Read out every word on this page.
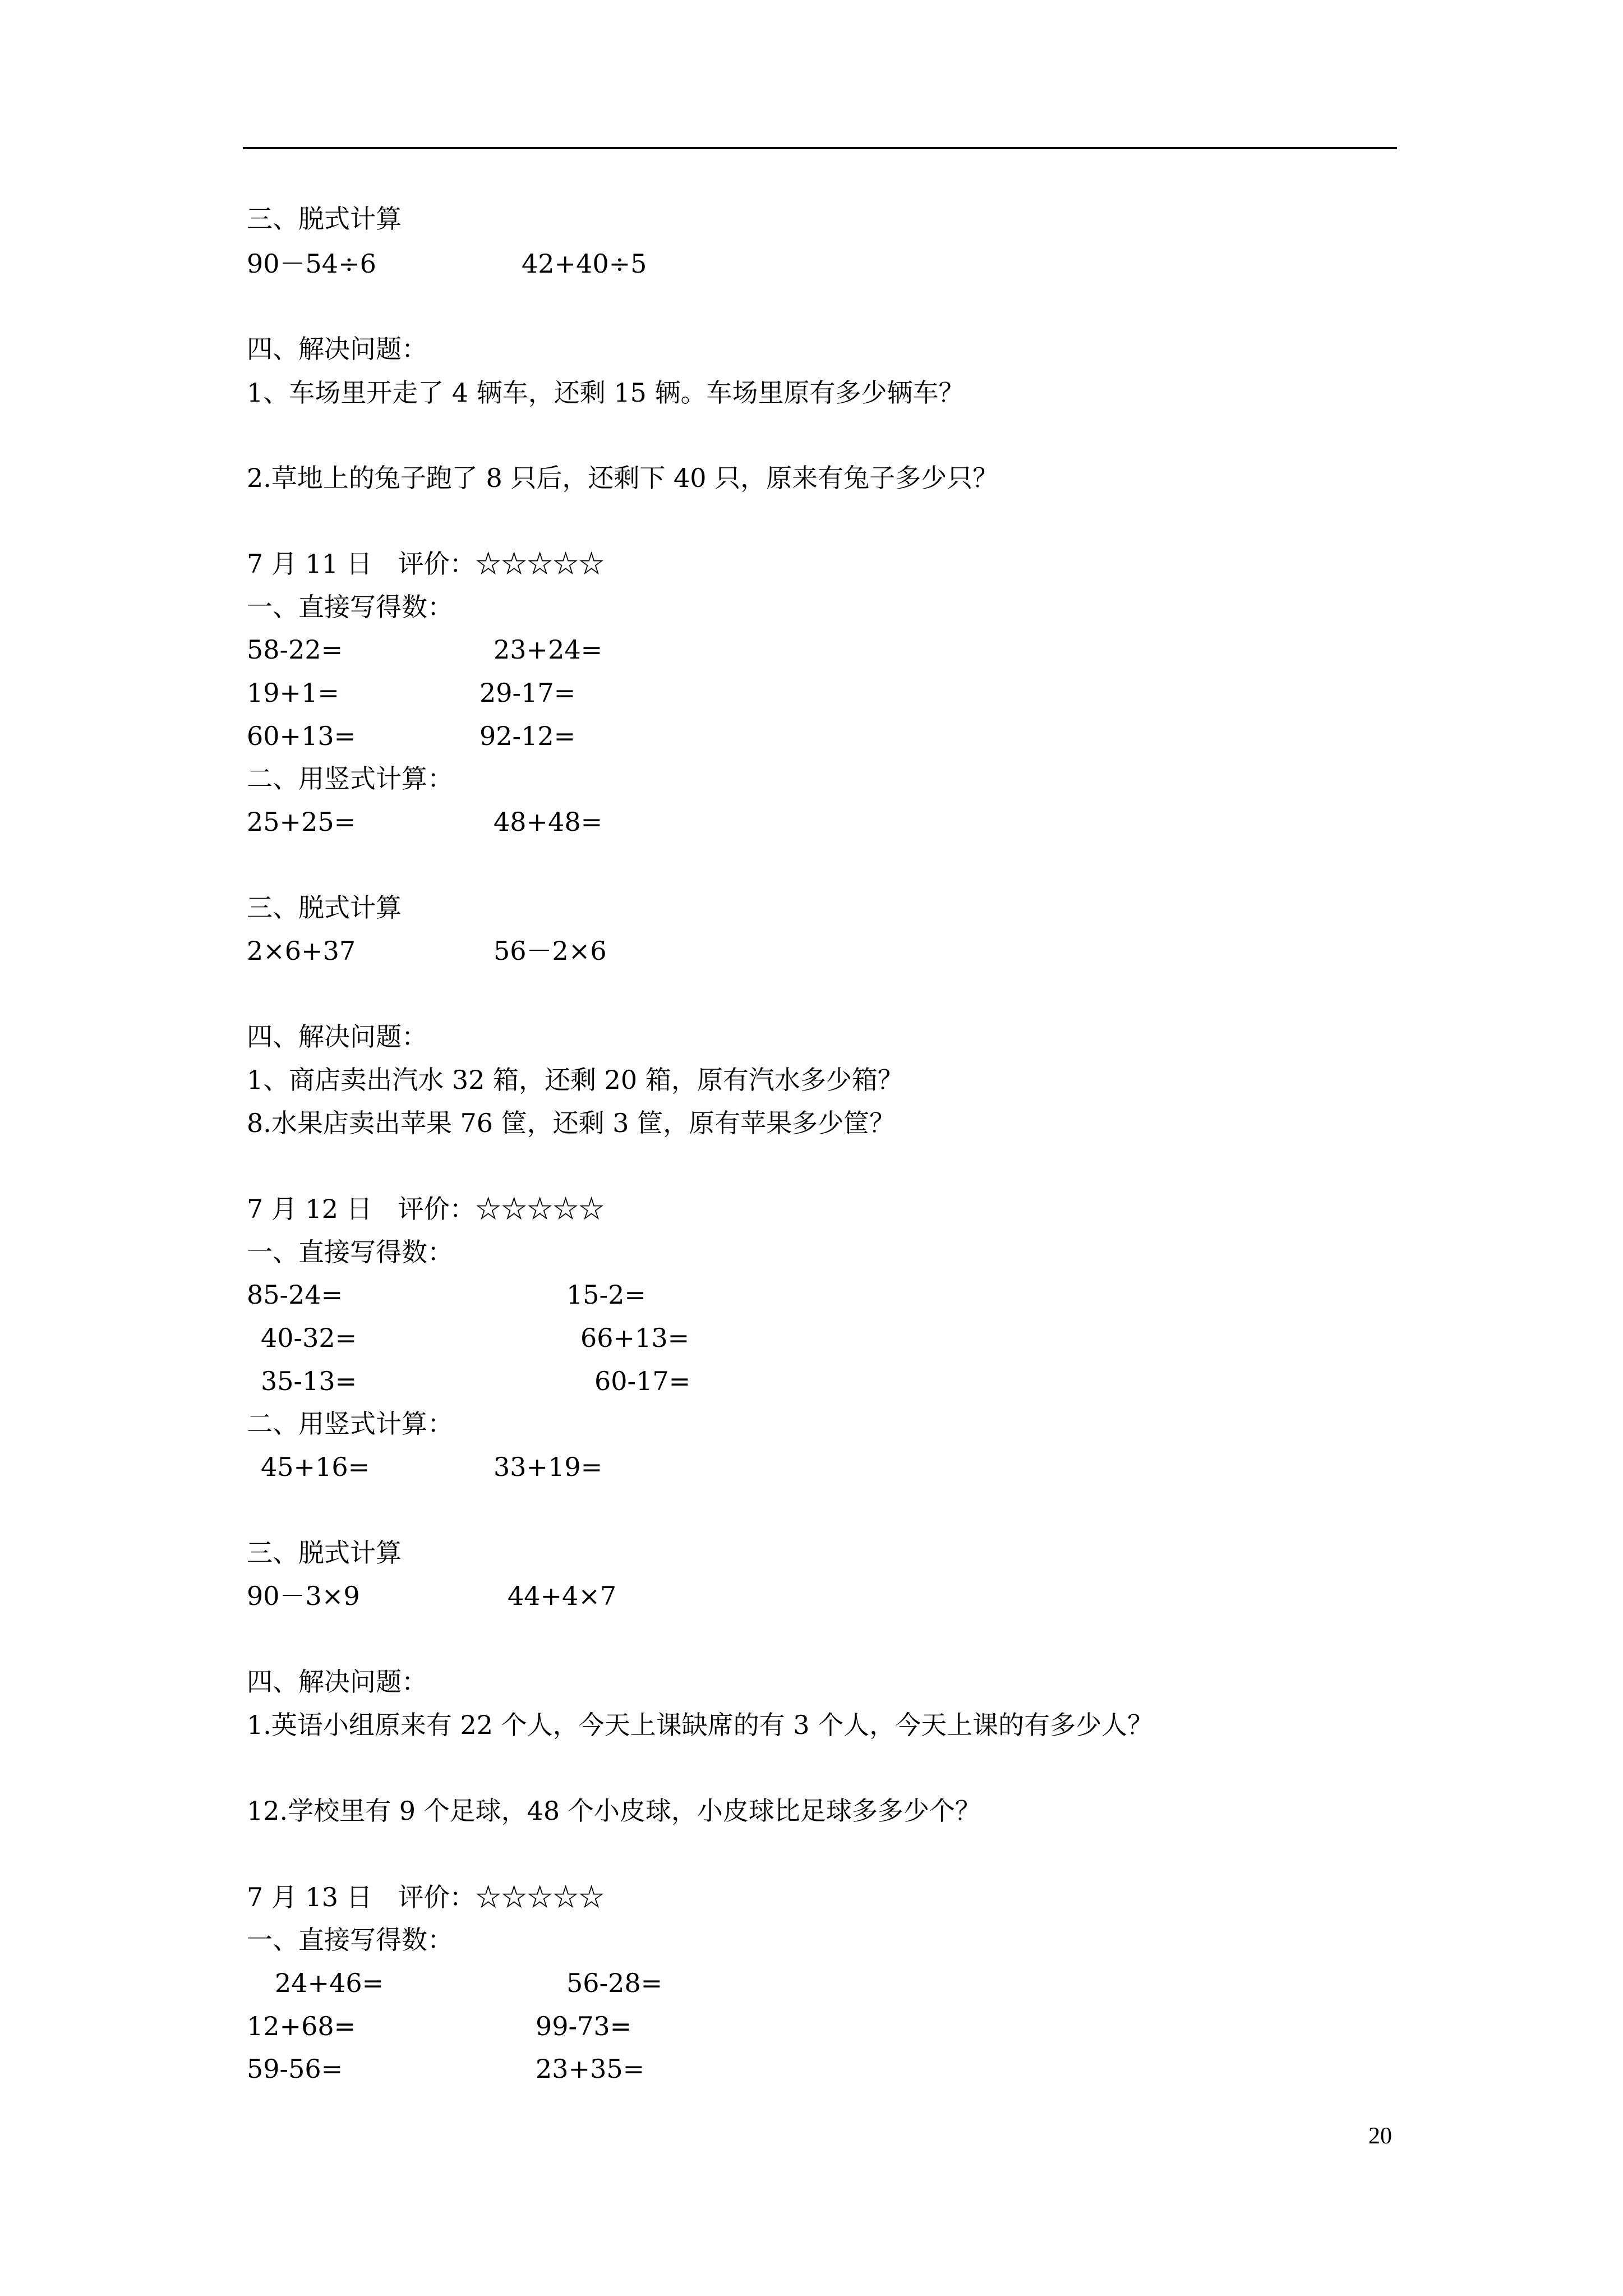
三、脱式计算
90－54÷6	42+40÷5
四、解决问题：
1、车场里开走了 4 辆车，还剩 15 辆。车场里原有多少辆车？
2.草地上的兔子跑了 8 只后，还剩下 40 只，原来有兔子多少只？
7 月 11 日　评价：☆☆☆☆☆
一、直接写得数：
58-22=	23+24=
19+1=	29-17=
60+13=	92-12=
二、用竖式计算：
25+25=	48+48=
三、脱式计算
2×6+37	56－2×6
四、解决问题：
1、商店卖出汽水 32 箱，还剩 20 箱，原有汽水多少箱？
8.水果店卖出苹果 76 筐，还剩 3 筐，原有苹果多少筐？
7 月 12 日　评价：☆☆☆☆☆
一、直接写得数：
85-24=	15-2=
40-32=	66+13=
35-13=	60-17=
二、用竖式计算：
45+16=	33+19=
三、脱式计算
90－3×9	44+4×7
四、解决问题：
1.英语小组原来有 22 个人，今天上课缺席的有 3 个人，今天上课的有多少人？
12.学校里有 9 个足球，48 个小皮球，小皮球比足球多多少个？
7 月 13 日　评价：☆☆☆☆☆
一、直接写得数：
24+46=	56-28=
12+68=	99-73=
59-56=	23+35=
20
